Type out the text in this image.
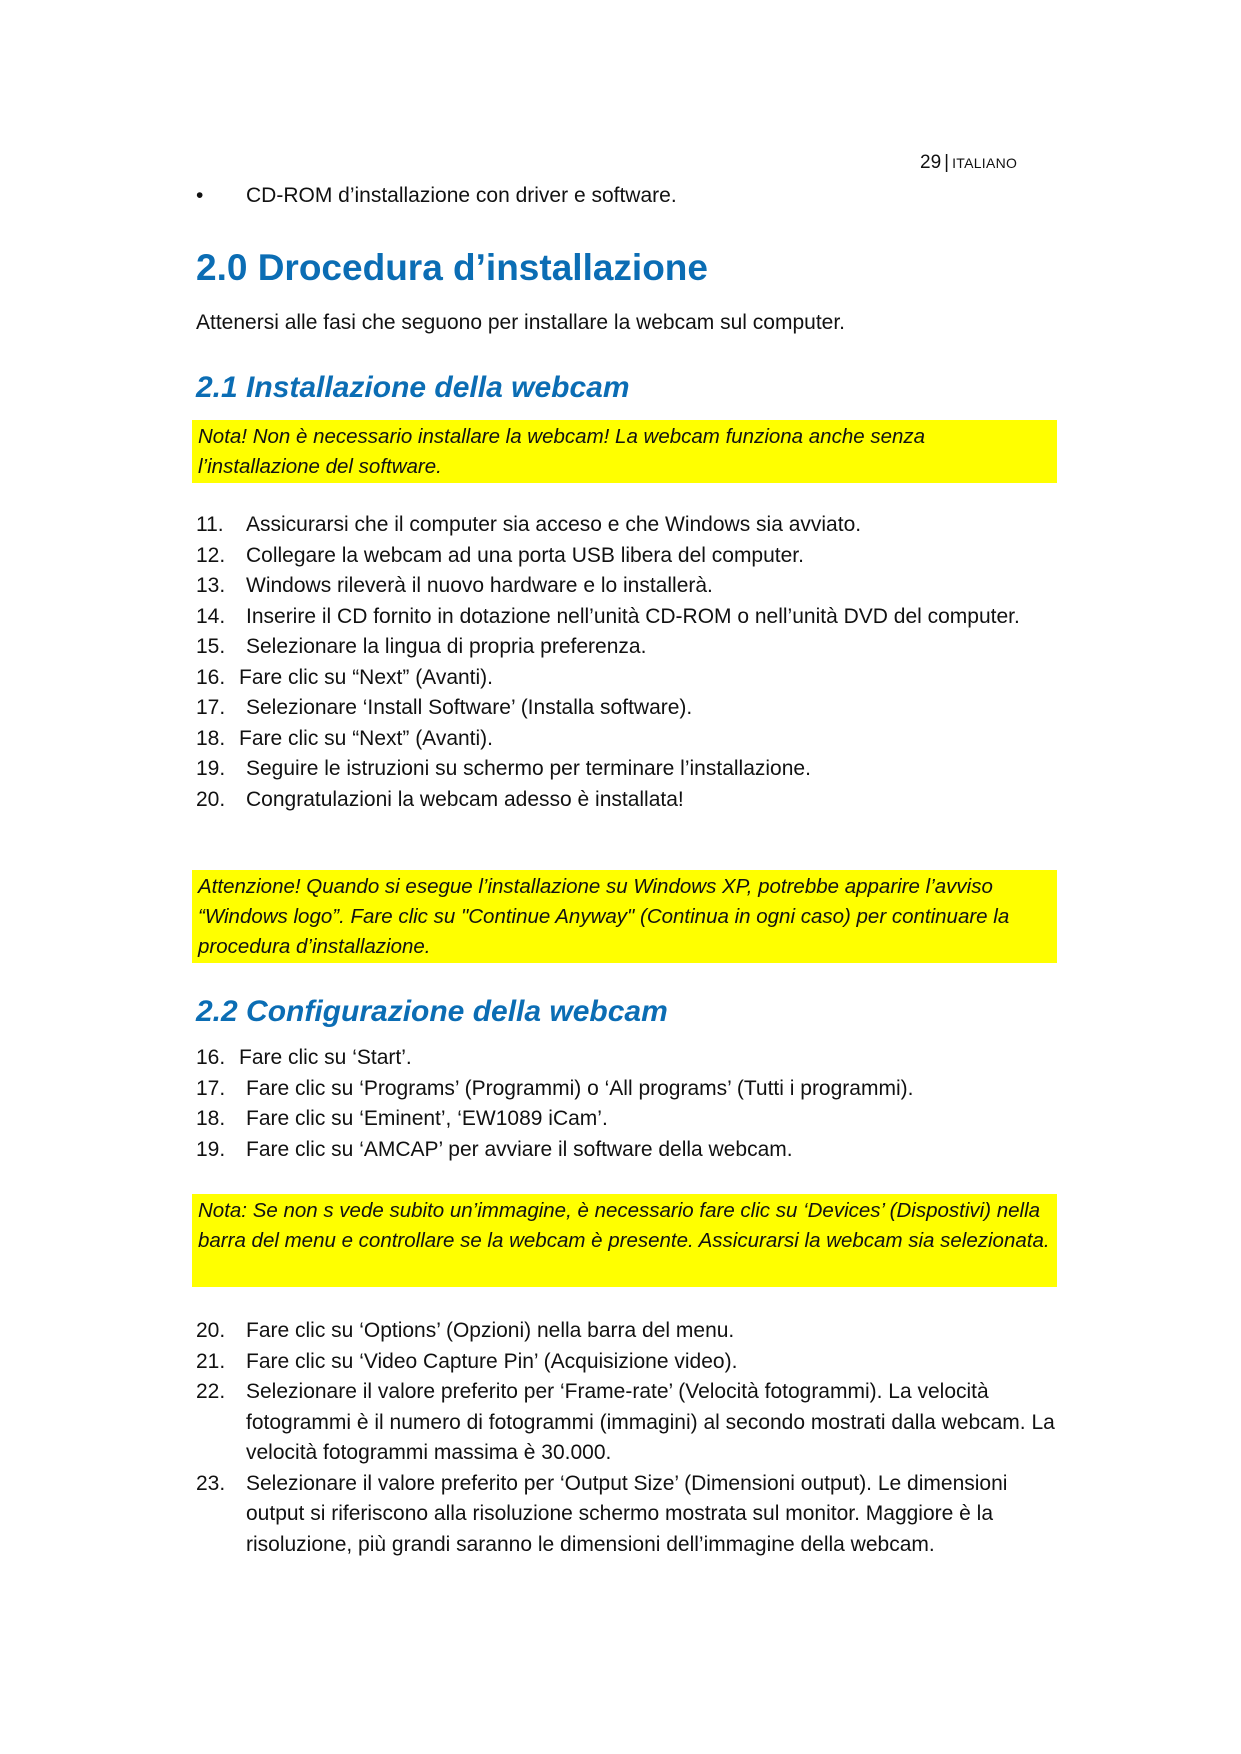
29 | ITALIANO
• CD-ROM d’installazione con driver e software.
2.0 Drocedura d’installazione

Attenersi alle fasi che seguono per installare la webcam sul computer.

2.1 Installazione della webcam
Nota! Non è necessario installare la webcam! La webcam funziona anche senza l’installazione del software.
11. Assicurarsi che il computer sia acceso e che Windows sia avviato.
12. Collegare la webcam ad una porta USB libera del computer.
13. Windows rileverà il nuovo hardware e lo installerà.
14. Inserire il CD fornito in dotazione nell’unità CD-ROM o nell’unità DVD del computer.
15. Selezionare la lingua di propria preferenza.
16. Fare clic su “Next” (Avanti).
17. Selezionare ‘Install Software’ (Installa software).
18. Fare clic su “Next” (Avanti).
19. Seguire le istruzioni su schermo per terminare l’installazione.
20. Congratulazioni la webcam adesso è installata!
Attenzione! Quando si esegue l’installazione su Windows XP, potrebbe apparire l’avviso “Windows logo”. Fare clic su "Continue Anyway" (Continua in ogni caso) per continuare la procedura d’installazione.
2.2 Configurazione della webcam
16. Fare clic su ‘Start’.
17. Fare clic su ‘Programs’ (Programmi) o ‘All programs’ (Tutti i programmi).
18. Fare clic su ‘Eminent’, ‘EW1089 iCam’.
19. Fare clic su ‘AMCAP’ per avviare il software della webcam.
Nota: Se non s vede subito un’immagine, è necessario fare clic su ‘Devices’ (Dispostivi) nella barra del menu e controllare se la webcam è presente. Assicurarsi la webcam sia selezionata.
20. Fare clic su ‘Options’ (Opzioni) nella barra del menu.
21. Fare clic su ‘Video Capture Pin’ (Acquisizione video).
22. Selezionare il valore preferito per ‘Frame-rate’ (Velocità fotogrammi). La velocità fotogrammi è il numero di fotogrammi (immagini) al secondo mostrati dalla webcam. La velocità fotogrammi massima è 30.000.
23. Selezionare il valore preferito per ‘Output Size’ (Dimensioni output). Le dimensioni output si riferiscono alla risoluzione schermo mostrata sul monitor. Maggiore è la risoluzione, più grandi saranno le dimensioni dell’immagine della webcam.
